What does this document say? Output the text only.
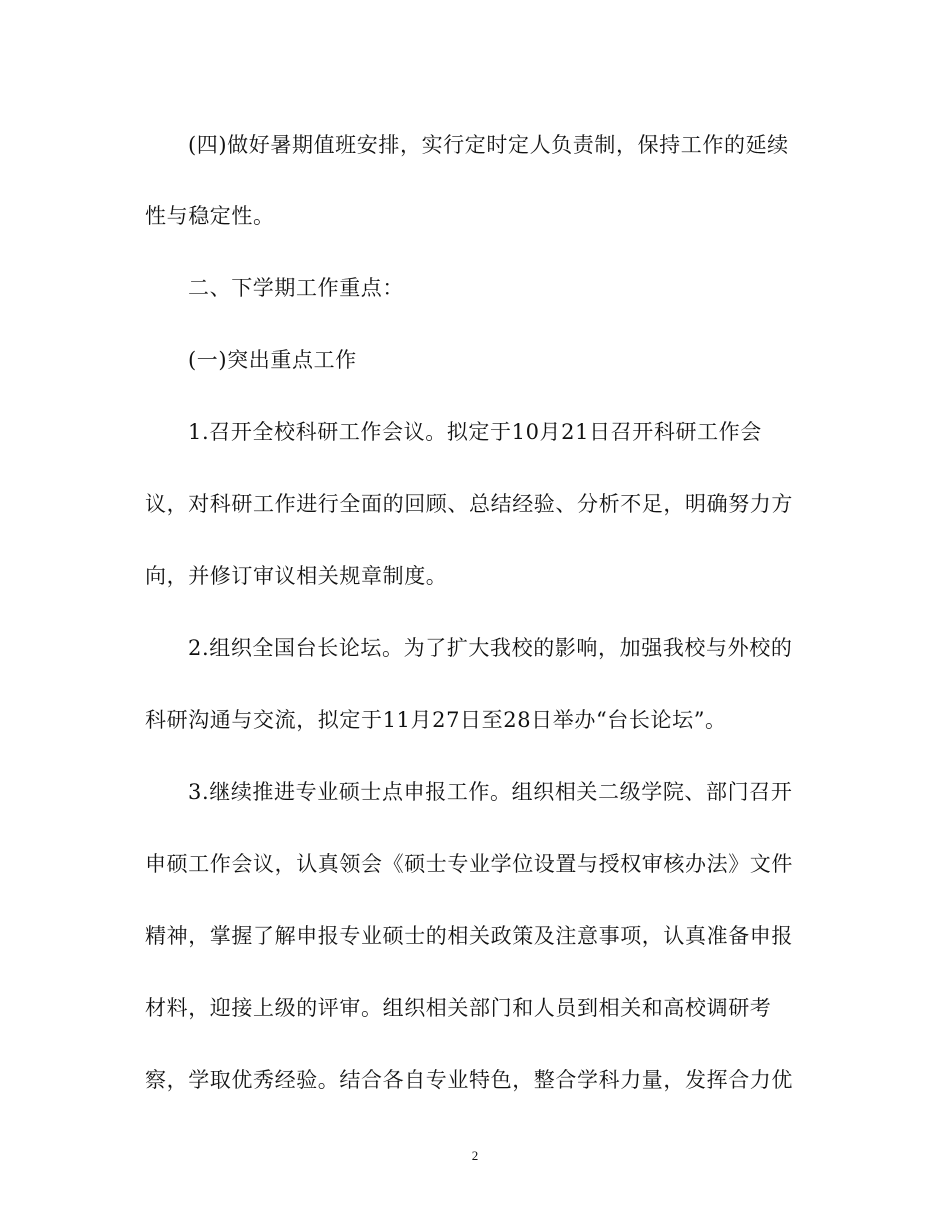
(四)做好暑期值班安排，实行定时定人负责制，保持工作的延续
性与稳定性。
二、下学期工作重点：
(一)突出重点工作
1.召开全校科研工作会议。拟定于10月21日召开科研工作会
议，对科研工作进行全面的回顾、总结经验、分析不足，明确努力方
向，并修订审议相关规章制度。
2.组织全国台长论坛。为了扩大我校的影响，加强我校与外校的
科研沟通与交流，拟定于11月27日至28日举办“台长论坛”。
3.继续推进专业硕士点申报工作。组织相关二级学院、部门召开
申硕工作会议，认真领会《硕士专业学位设置与授权审核办法》文件
精神，掌握了解申报专业硕士的相关政策及注意事项，认真准备申报
材料，迎接上级的评审。组织相关部门和人员到相关和高校调研考
察，学取优秀经验。结合各自专业特色，整合学科力量，发挥合力优
2
